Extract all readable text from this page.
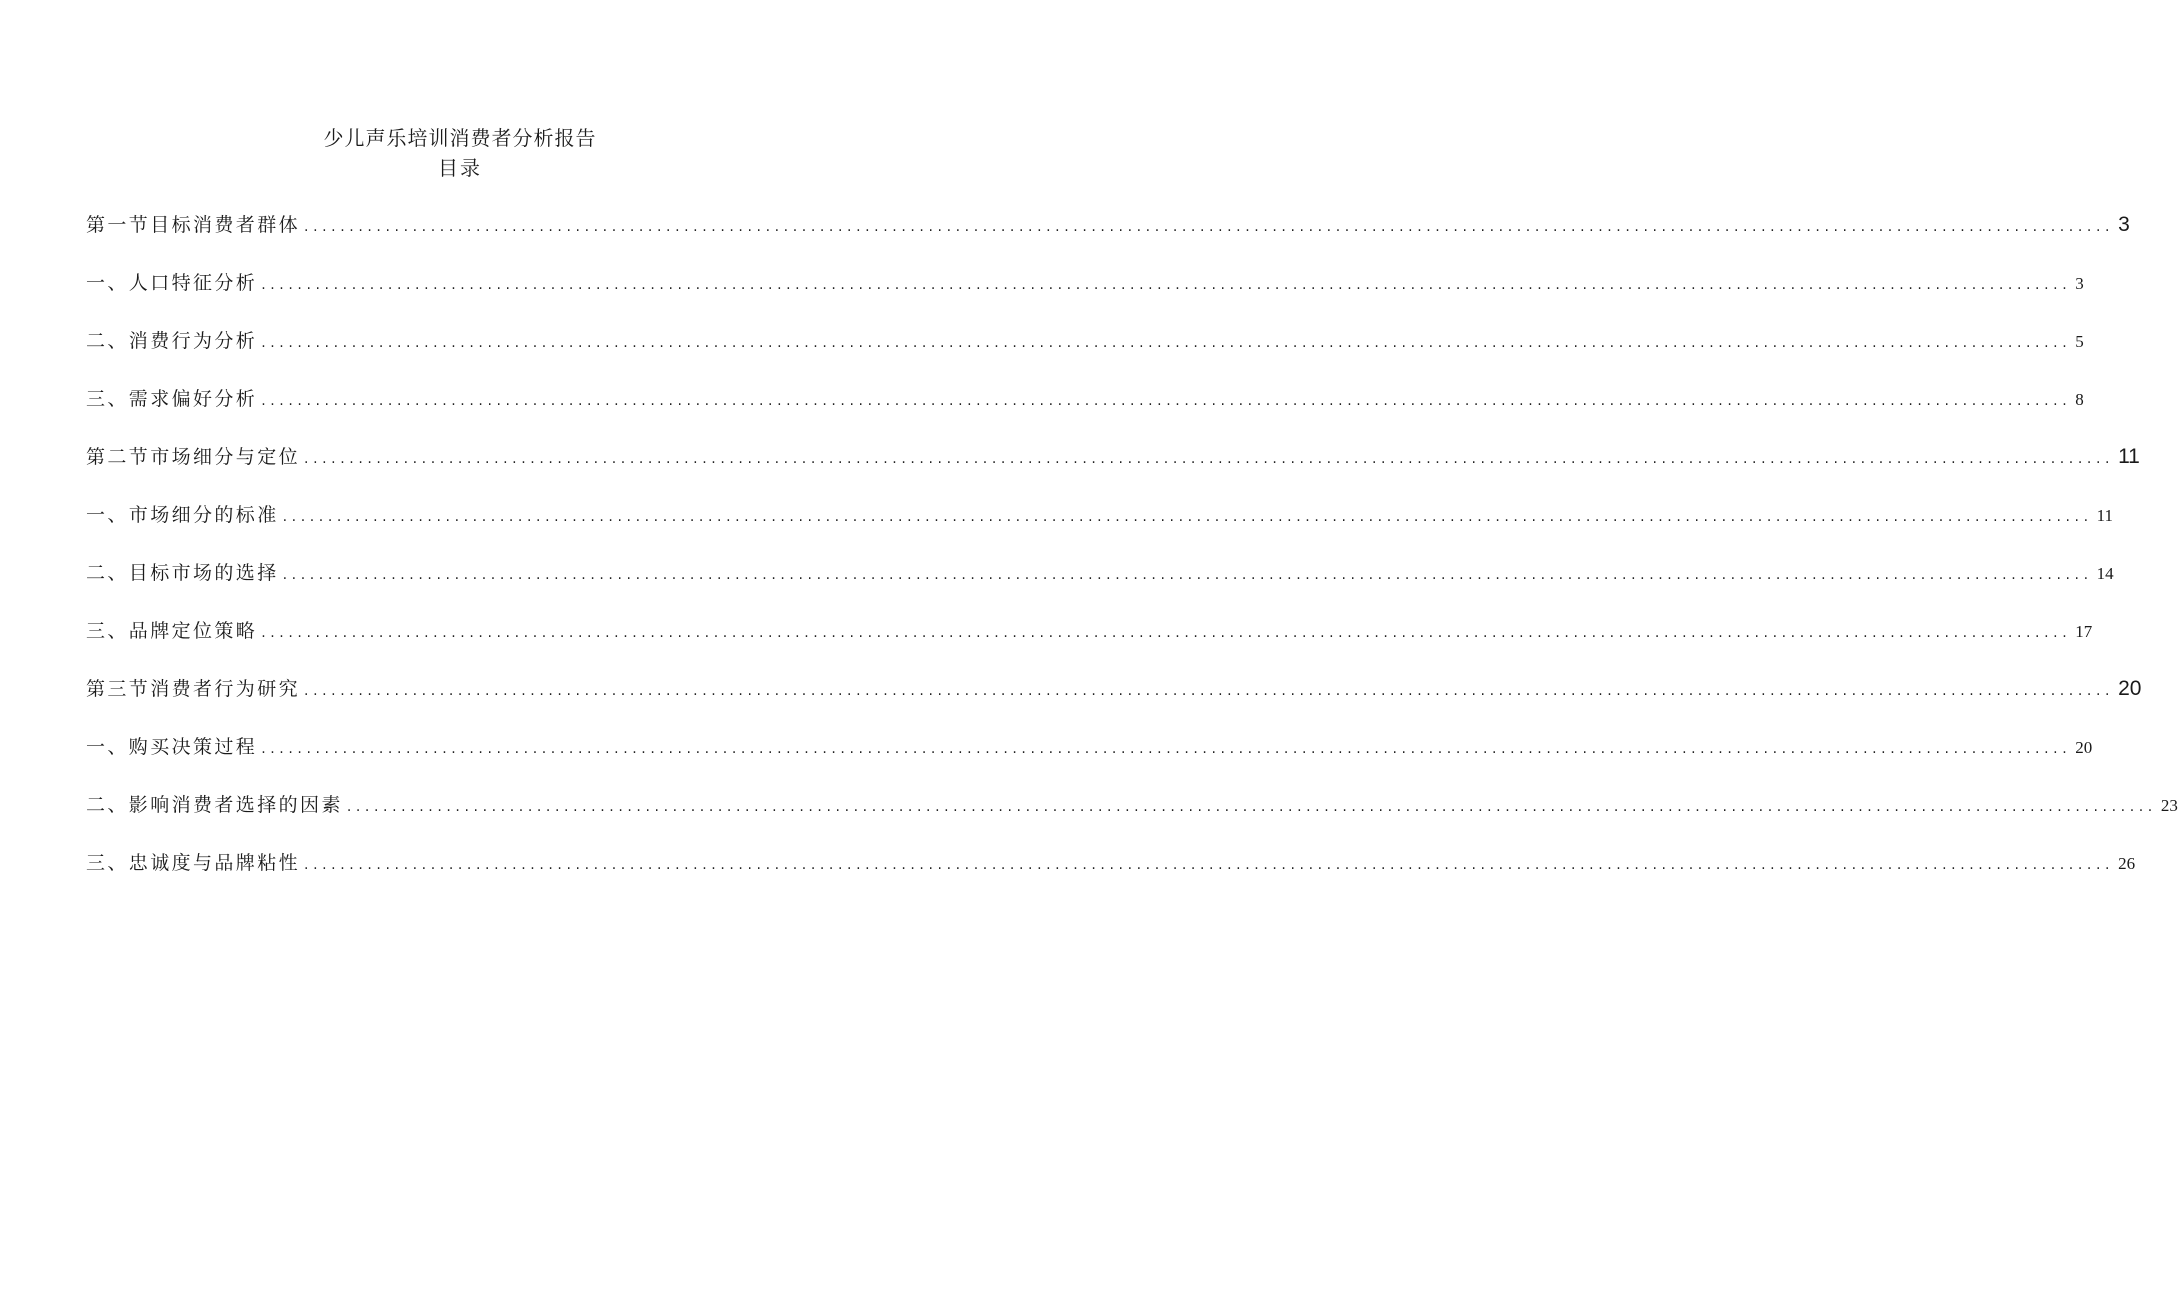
少儿声乐培训消费者分析报告
目录
第一节目标消费者群体 ........................................................................................................................................................................................................ 3
一、人口特征分析 ........................................................................................................................................................................................................ 3
二、消费行为分析 ........................................................................................................................................................................................................ 5
三、需求偏好分析 ........................................................................................................................................................................................................ 8
第二节市场细分与定位 ........................................................................................................................................................................................................ 11
一、市场细分的标准 ........................................................................................................................................................................................................ 11
二、目标市场的选择 ........................................................................................................................................................................................................ 14
三、品牌定位策略 ........................................................................................................................................................................................................ 17
第三节消费者行为研究 ........................................................................................................................................................................................................ 20
一、购买决策过程 ........................................................................................................................................................................................................ 20
二、影响消费者选择的因素 ........................................................................................................................................................................................................ 23
三、忠诚度与品牌粘性 ........................................................................................................................................................................................................ 26
